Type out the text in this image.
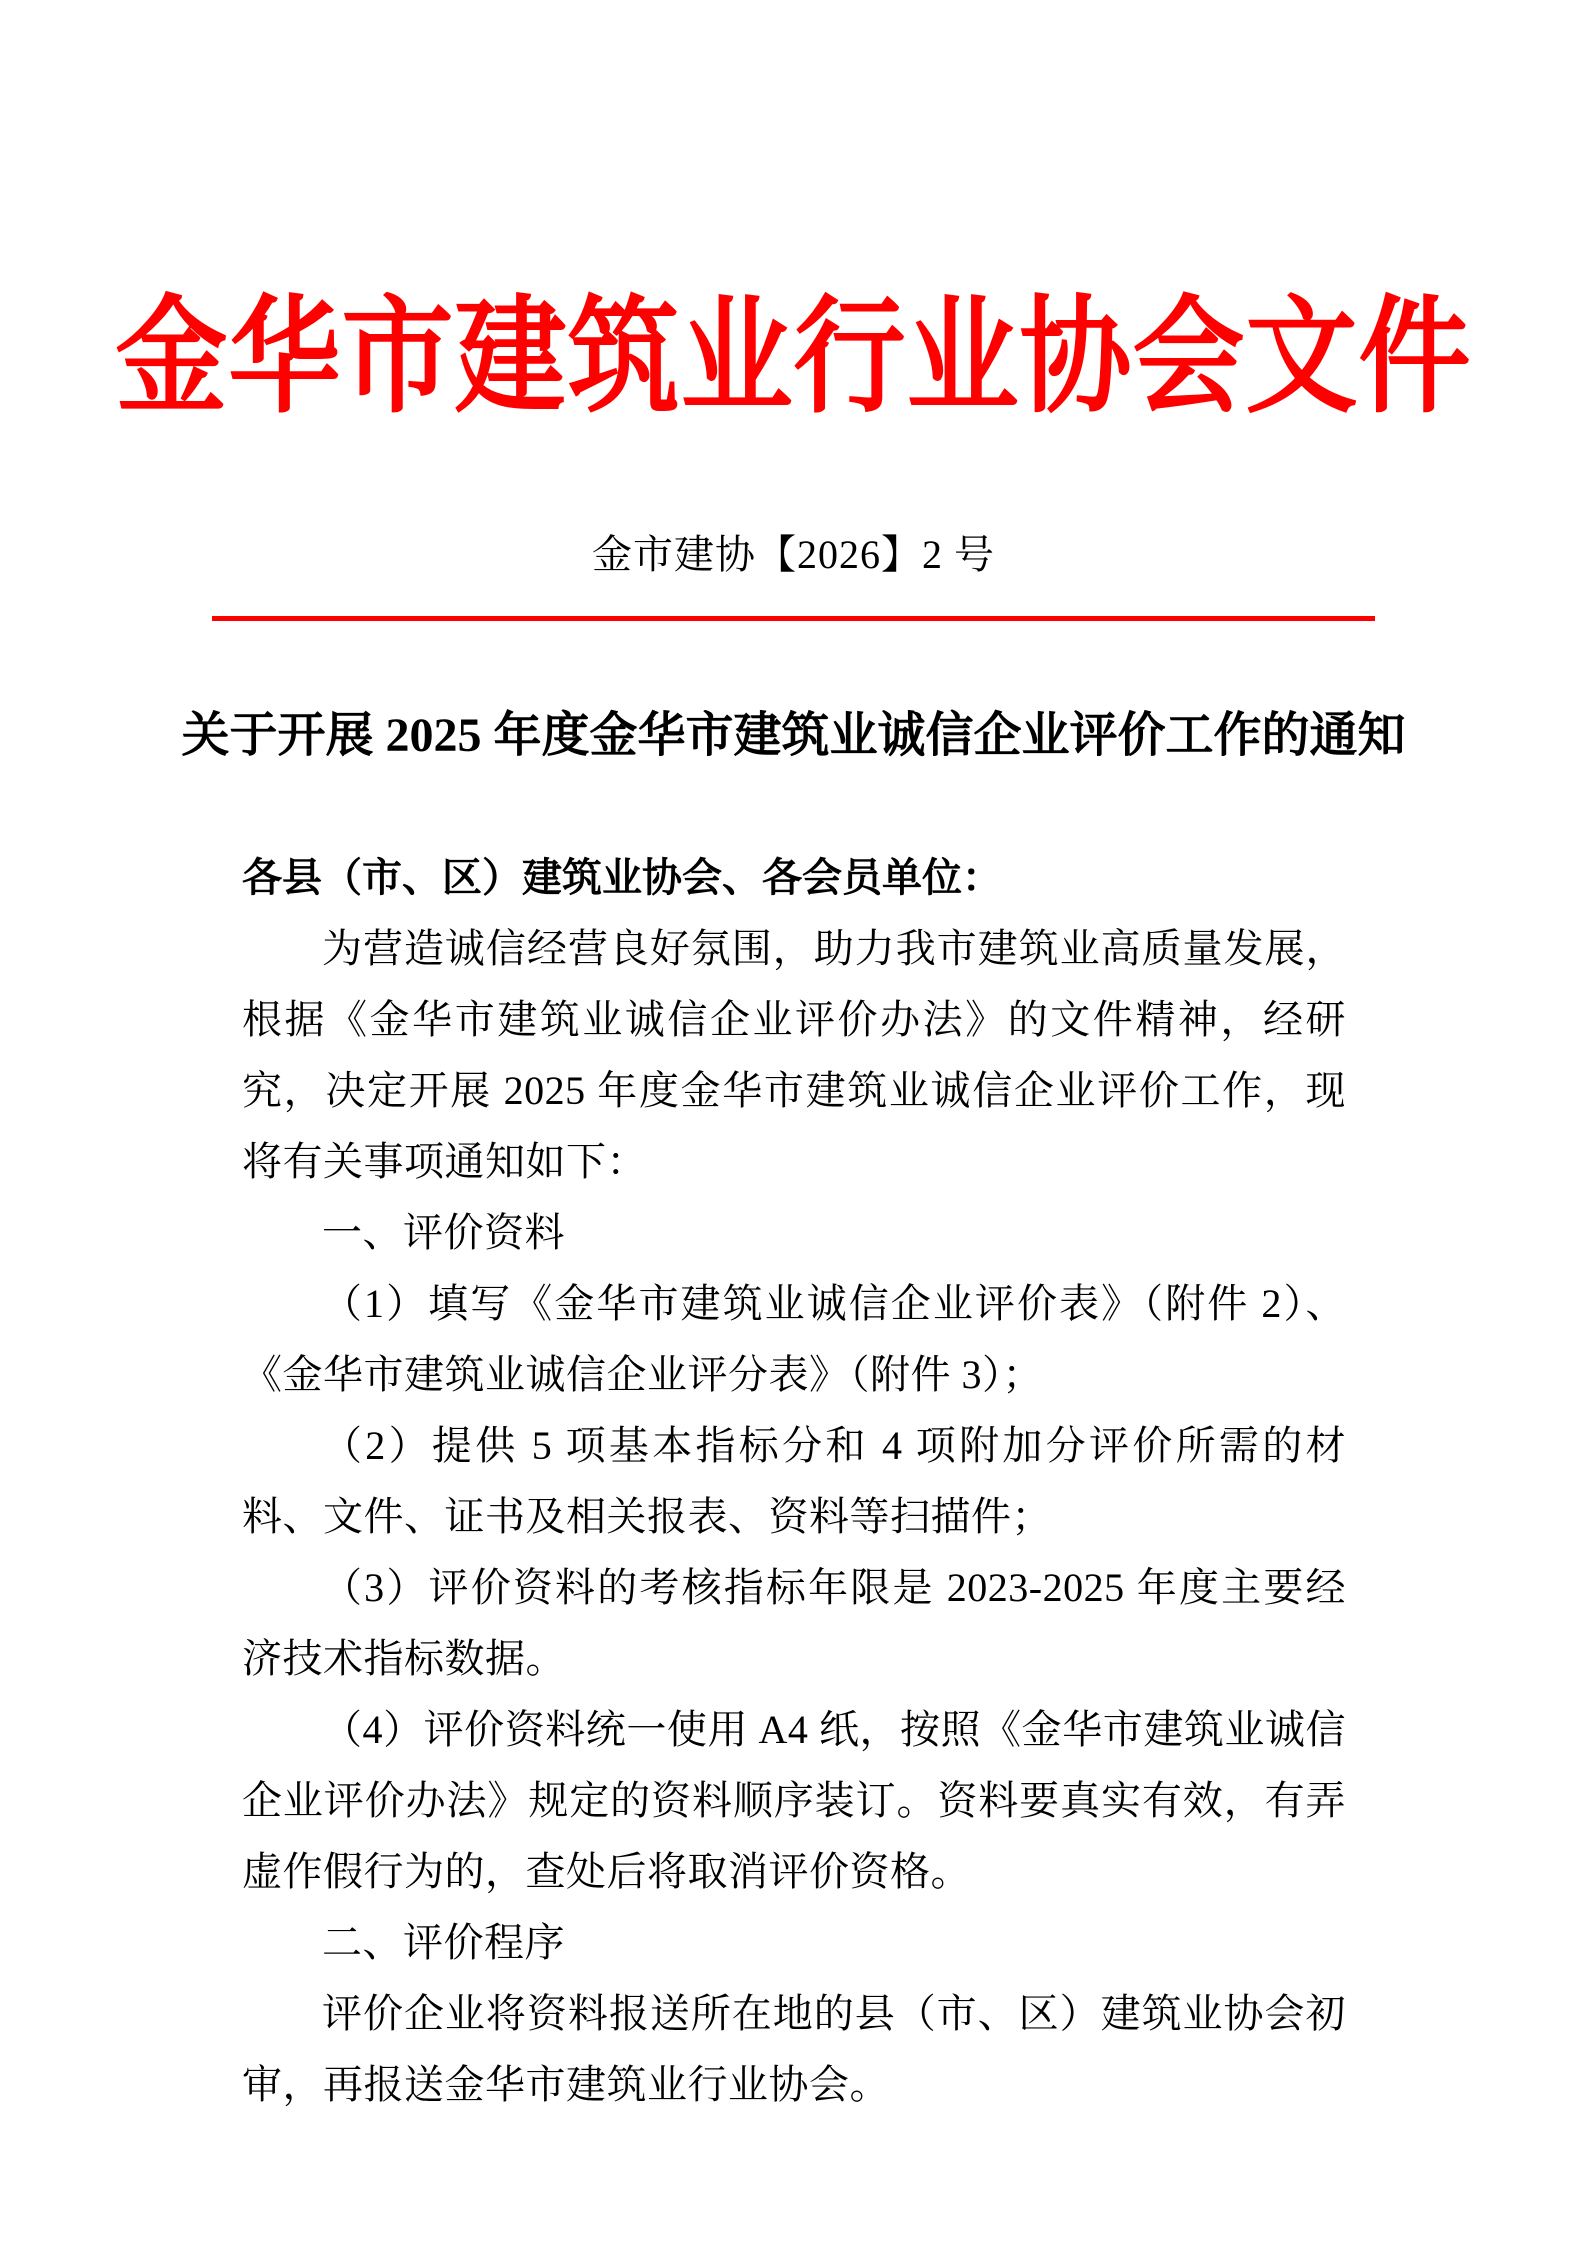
金华市建筑业行业协会文件
金市建协【2026】2 号
关于开展 2025 年度金华市建筑业诚信企业评价工作的通知

各县（市、区）建筑业协会、各会员单位：

为营造诚信经营良好氛围，助力我市建筑业高质量发展，根据《金华市建筑业诚信企业评价办法》的文件精神，经研究，决定开展 2025 年度金华市建筑业诚信企业评价工作，现将有关事项通知如下：

一、评价资料

（1）填写《金华市建筑业诚信企业评价表》（附件 2）、《金华市建筑业诚信企业评分表》（附件 3）；

（2）提供 5 项基本指标分和 4 项附加分评价所需的材料、文件、证书及相关报表、资料等扫描件；

（3）评价资料的考核指标年限是 2023-2025 年度主要经济技术指标数据。

（4）评价资料统一使用 A4 纸，按照《金华市建筑业诚信企业评价办法》规定的资料顺序装订。资料要真实有效，有弄虚作假行为的，查处后将取消评价资格。

二、评价程序

评价企业将资料报送所在地的县（市、区）建筑业协会初审，再报送金华市建筑业行业协会。
